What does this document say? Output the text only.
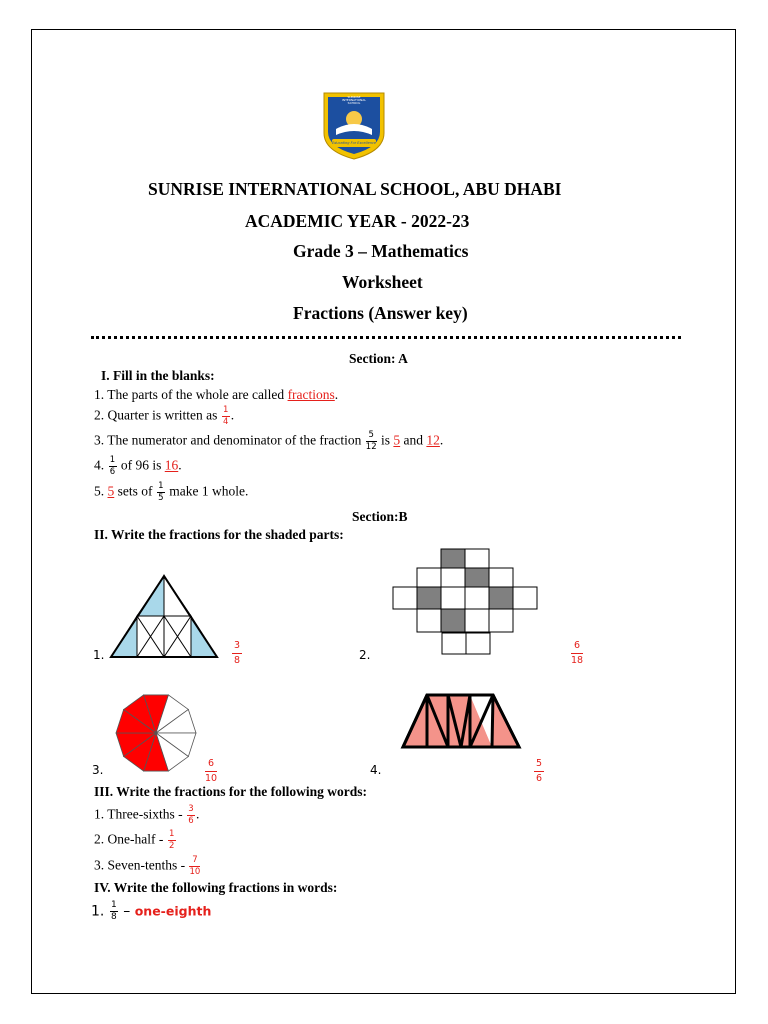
SUNRISE INTERNATIONAL SCHOOL
Educating For Excellence
SUNRISE INTERNATIONAL SCHOOL, ABU DHABI
ACADEMIC YEAR - 2022-23
Grade 3 – Mathematics
Worksheet
Fractions (Answer key)
Section: A
I. Fill in the blanks:
1. The parts of the whole are called fractions.
2. Quarter is written as $\frac{1}{4}$ .
3. The numerator and denominator of the fraction $\frac{5}{12}$ is 5 and 12.
4. $\frac{1}{6}$ of 96 is 16.
5. 5 sets of $\frac{1}{5}$ make 1 whole.
Section:B
II. Write the fractions for the shaded parts:
1.
3
8	2.
6
18
3.	6
10
4.	5
6
III. Write the fractions for the following words:
1. Three-sixths - $\frac{3}{6}$ .
2. One-half - $\frac{1}{2}$
3. Seven-tenths - $\frac{7}{10}$
IV. Write the following fractions in words:
1. $\frac{1}{8}$ – one-eighth
